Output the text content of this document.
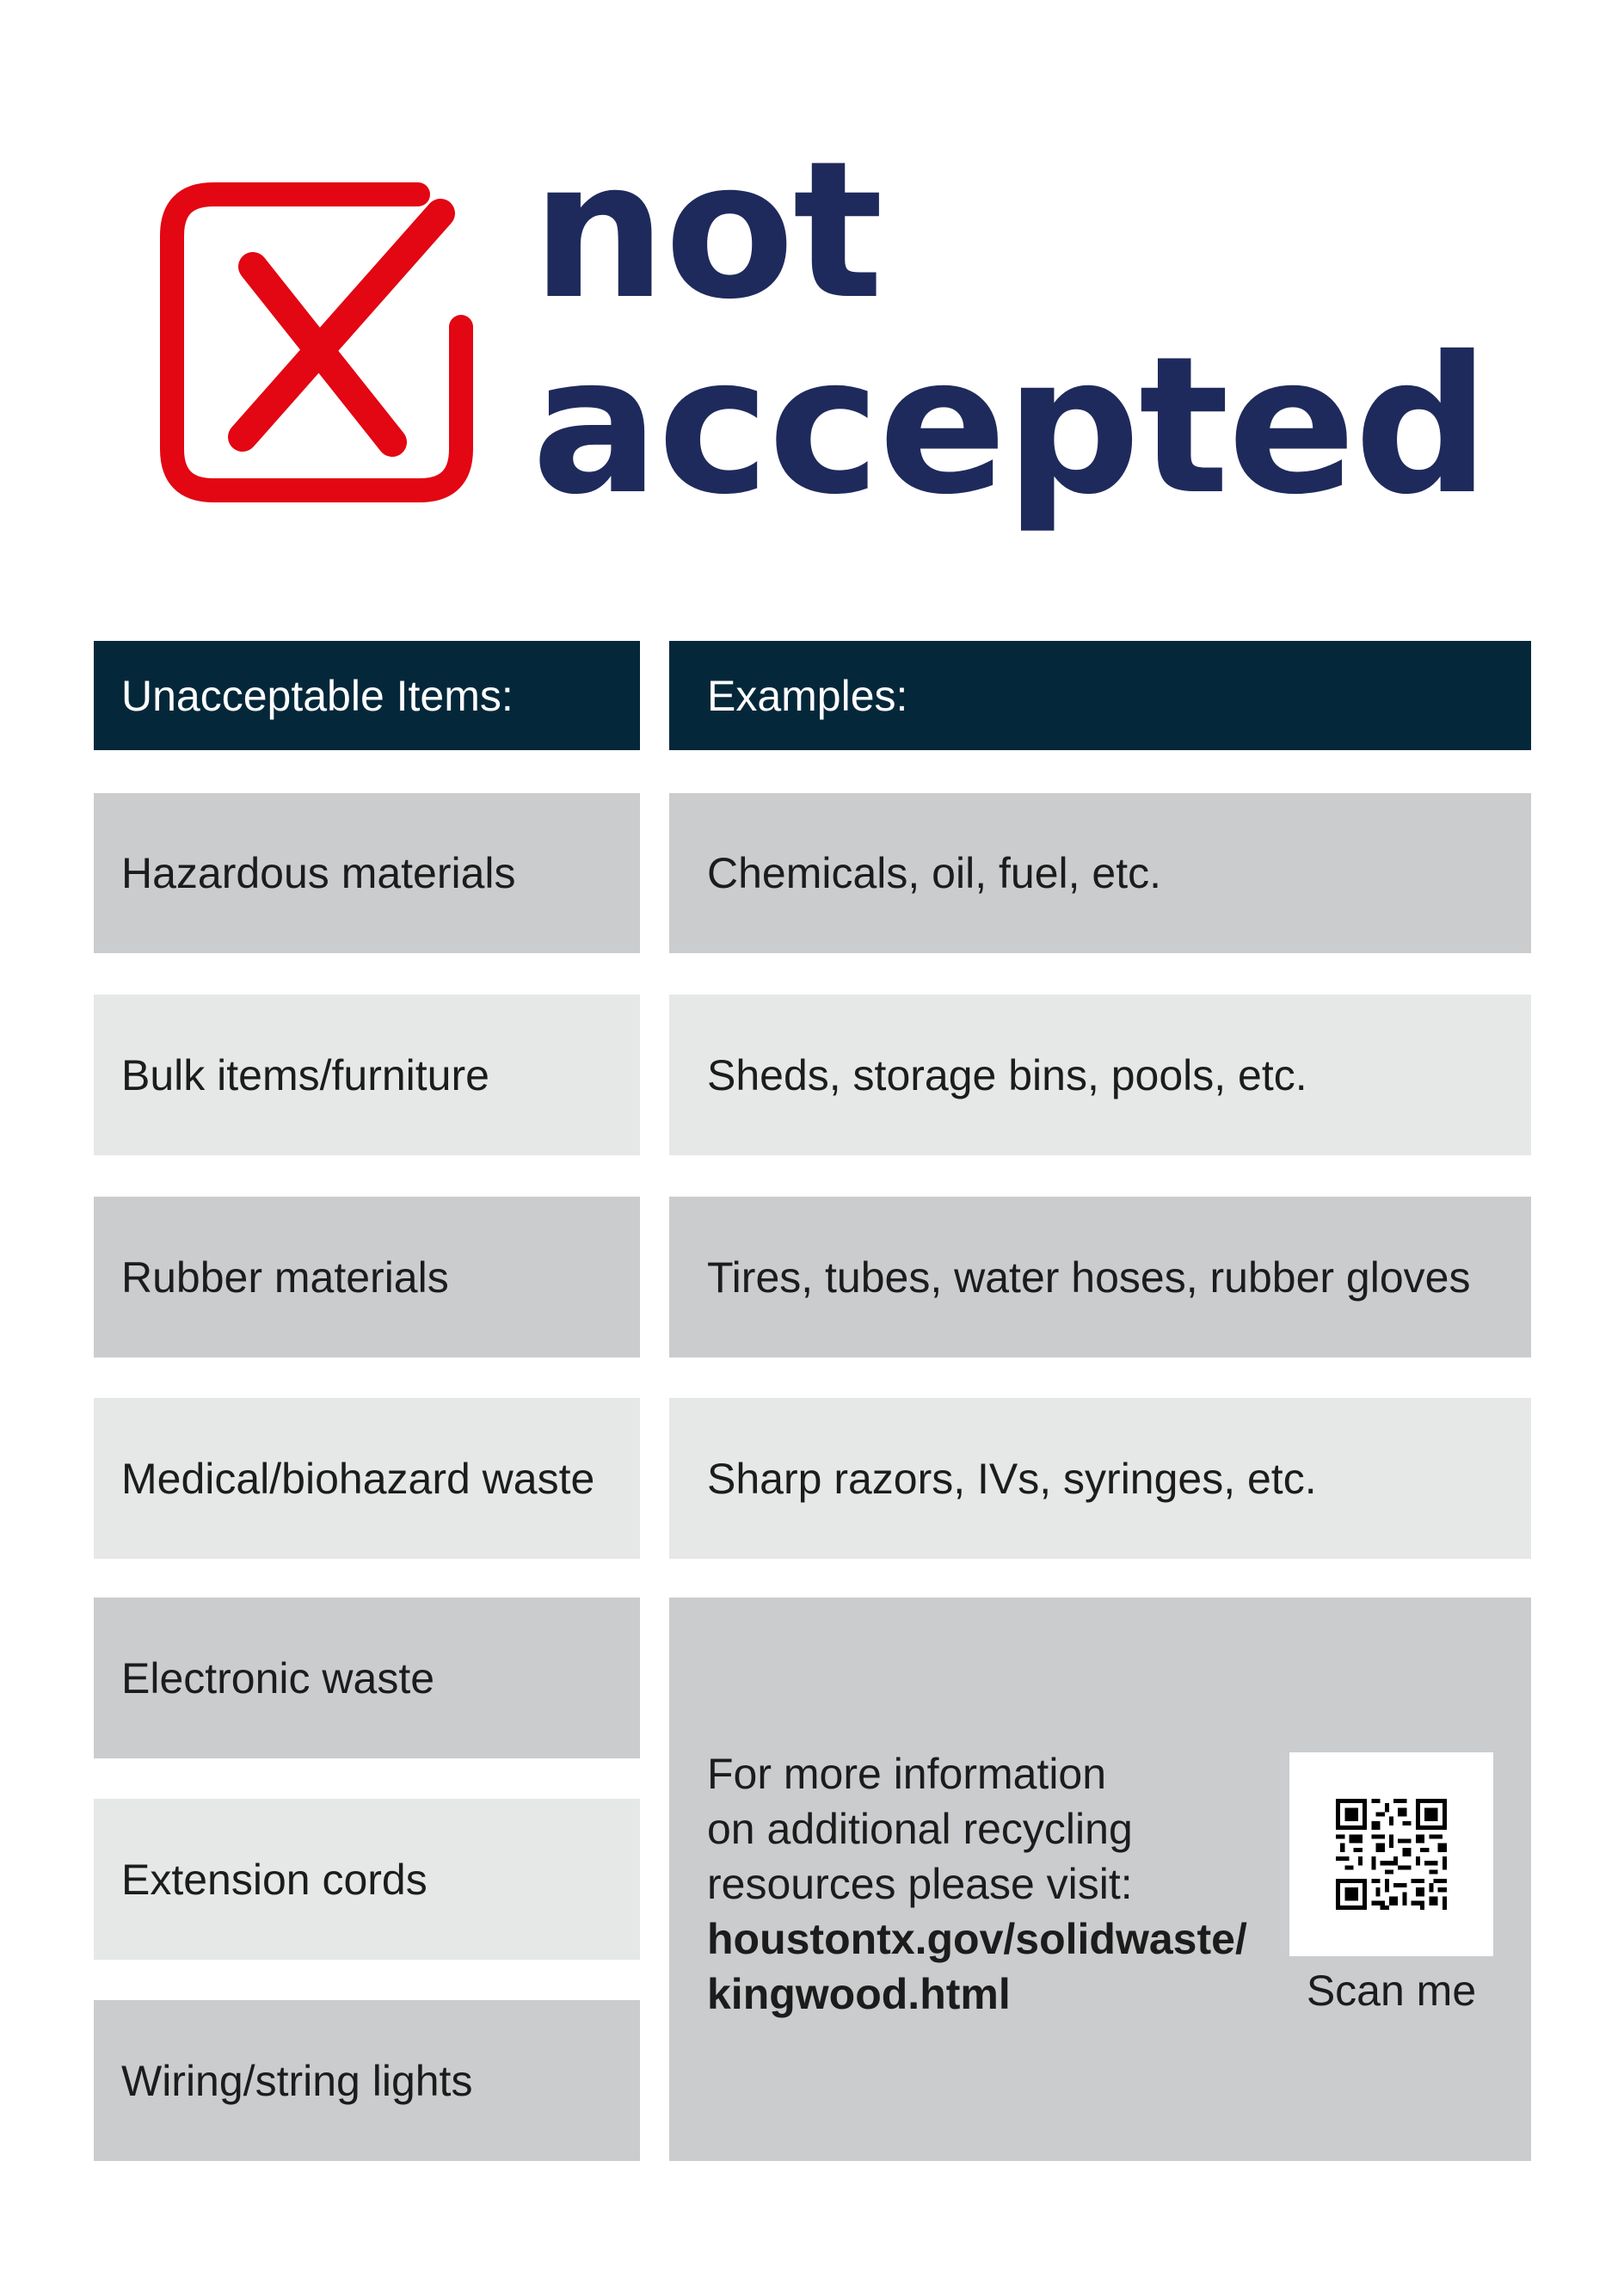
not
accepted
Unacceptable Items:	Examples:
Hazardous materials	Chemicals, oil, fuel, etc.
Bulk items/furniture	Sheds, storage bins, pools, etc.
Rubber materials	Tires, tubes, water hoses, rubber gloves
Medical/biohazard waste	Sharp razors, IVs, syringes, etc.
Electronic waste
Extension cords
Wiring/string lights
For more information
on additional recycling
resources please visit:
houstontx.gov/solidwaste/
kingwood.html	Scan me
